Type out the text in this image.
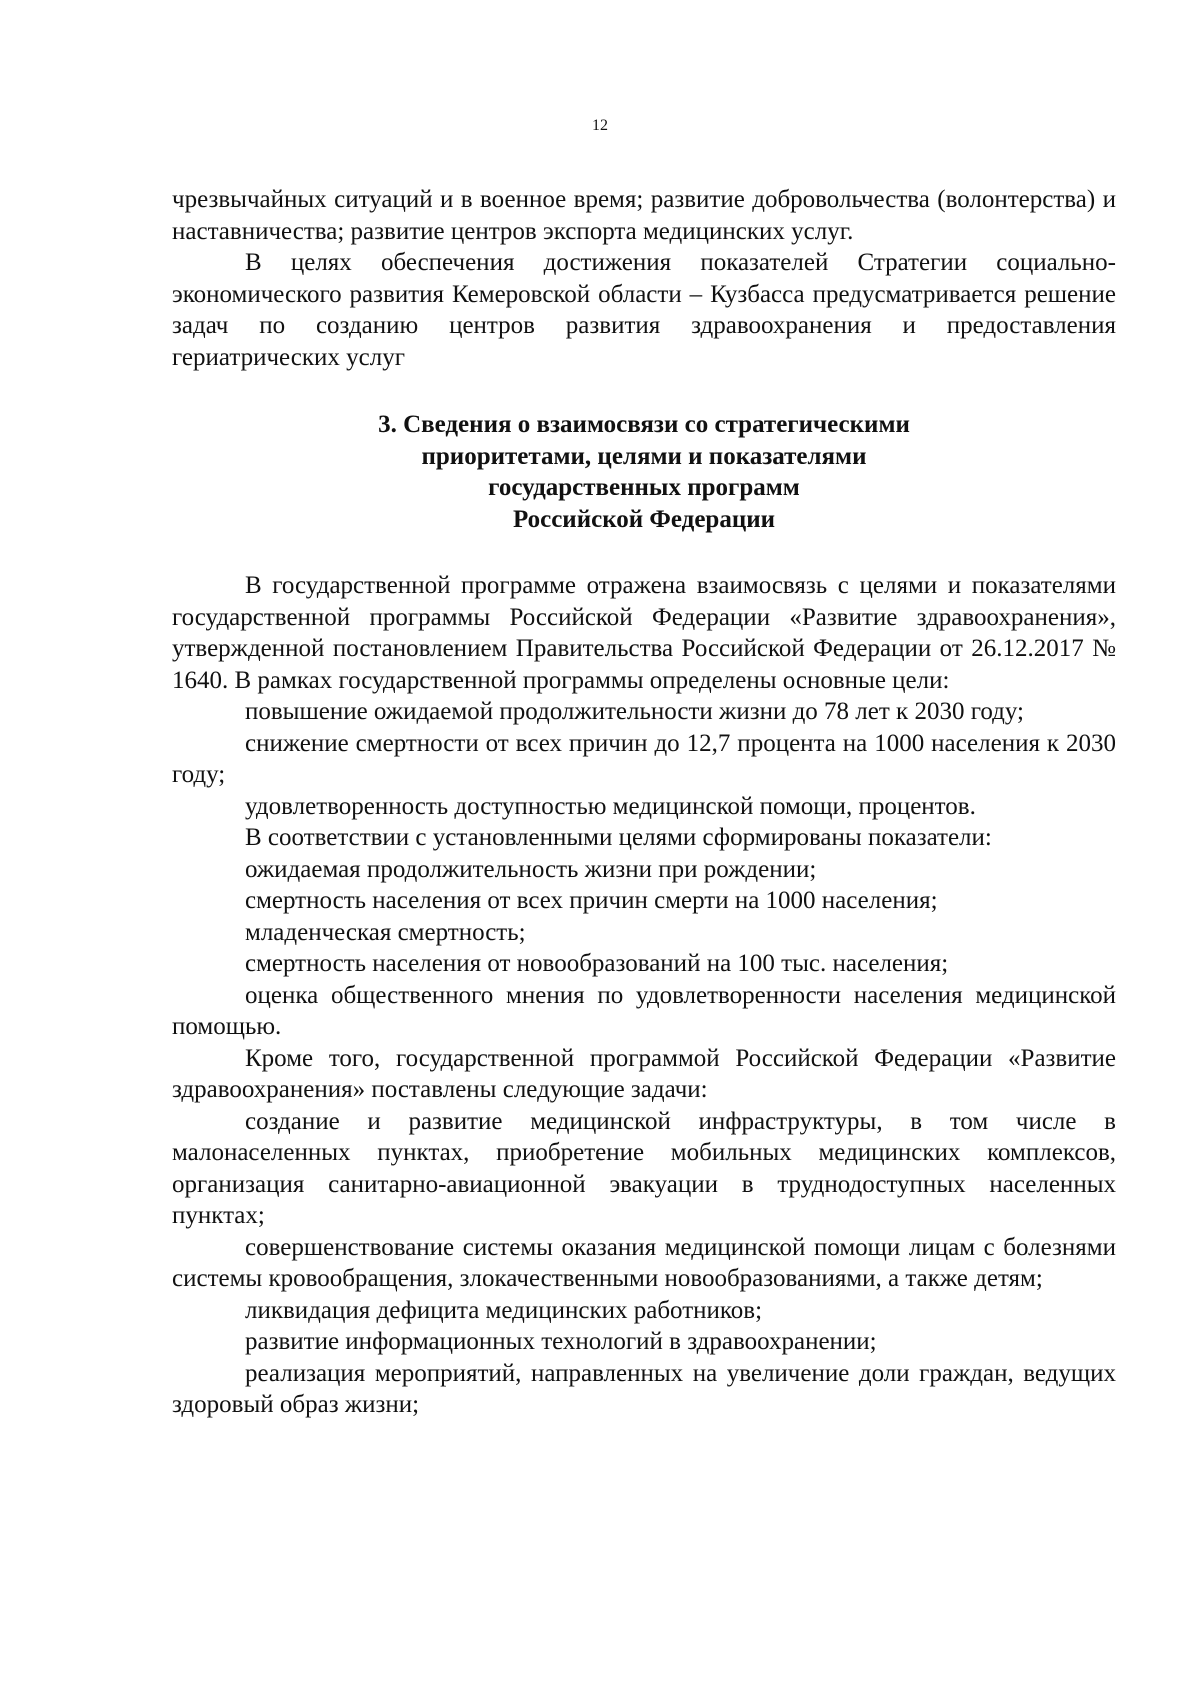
12

чрезвычайных ситуаций и в военное время; развитие добровольчества (волонтерства) и наставничества; развитие центров экспорта медицинских услуг.

В целях обеспечения достижения показателей Стратегии социально-экономического развития Кемеровской области – Кузбасса предусматривается решение задач по созданию центров развития здравоохранения и предоставления гериатрических услуг

3. Сведения о взаимосвязи со стратегическими
приоритетами, целями и показателями
государственных программ
Российской Федерации

В государственной программе отражена взаимосвязь с целями и показателями государственной программы Российской Федерации «Развитие здравоохранения», утвержденной постановлением Правительства Российской Федерации от 26.12.2017 № 1640. В рамках государственной программы определены основные цели:

повышение ожидаемой продолжительности жизни до 78 лет к 2030 году;

снижение смертности от всех причин до 12,7 процента на 1000 населения к 2030 году;

удовлетворенность доступностью медицинской помощи, процентов.

В соответствии с установленными целями сформированы показатели:

ожидаемая продолжительность жизни при рождении;

смертность населения от всех причин смерти на 1000 населения;

младенческая смертность;

смертность населения от новообразований на 100 тыс. населения;

оценка общественного мнения по удовлетворенности населения медицинской помощью.

Кроме того, государственной программой Российской Федерации «Развитие здравоохранения» поставлены следующие задачи:

создание и развитие медицинской инфраструктуры, в том числе в малонаселенных пунктах, приобретение мобильных медицинских комплексов, организация санитарно-авиационной эвакуации в труднодоступных населенных пунктах;

совершенствование системы оказания медицинской помощи лицам с болезнями системы кровообращения, злокачественными новообразованиями, а также детям;

ликвидация дефицита медицинских работников;

развитие информационных технологий в здравоохранении;

реализация мероприятий, направленных на увеличение доли граждан, ведущих здоровый образ жизни;
